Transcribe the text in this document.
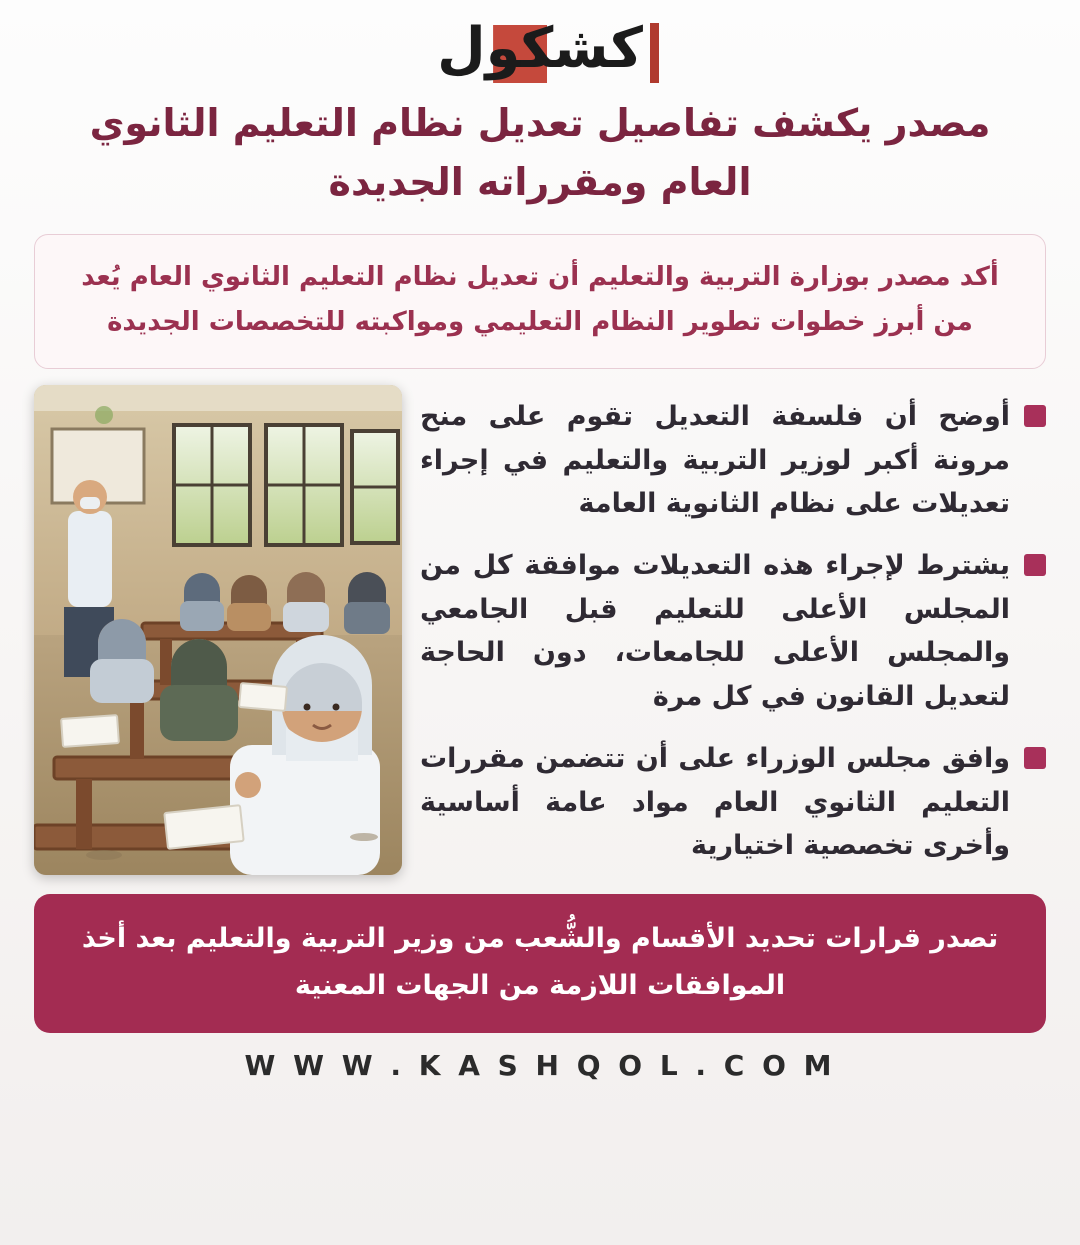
كشكول
مصدر يكشف تفاصيل تعديل نظام التعليم الثانوي العام ومقرراته الجديدة

أكد مصدر بوزارة التربية والتعليم أن تعديل نظام التعليم الثانوي العام يُعد من أبرز خطوات تطوير النظام التعليمي ومواكبته للتخصصات الجديدة

أوضح أن فلسفة التعديل تقوم على منح مرونة أكبر لوزير التربية والتعليم في إجراء تعديلات على نظام الثانوية العامة

يشترط لإجراء هذه التعديلات موافقة كل من المجلس الأعلى للتعليم قبل الجامعي والمجلس الأعلى للجامعات، دون الحاجة لتعديل القانون في كل مرة

وافق مجلس الوزراء على أن تتضمن مقررات التعليم الثانوي العام مواد عامة أساسية وأخرى تخصصية اختيارية

تصدر قرارات تحديد الأقسام والشُّعب من وزير التربية والتعليم بعد أخذ الموافقات اللازمة من الجهات المعنية

W W W . K A S H Q O L . C O M
